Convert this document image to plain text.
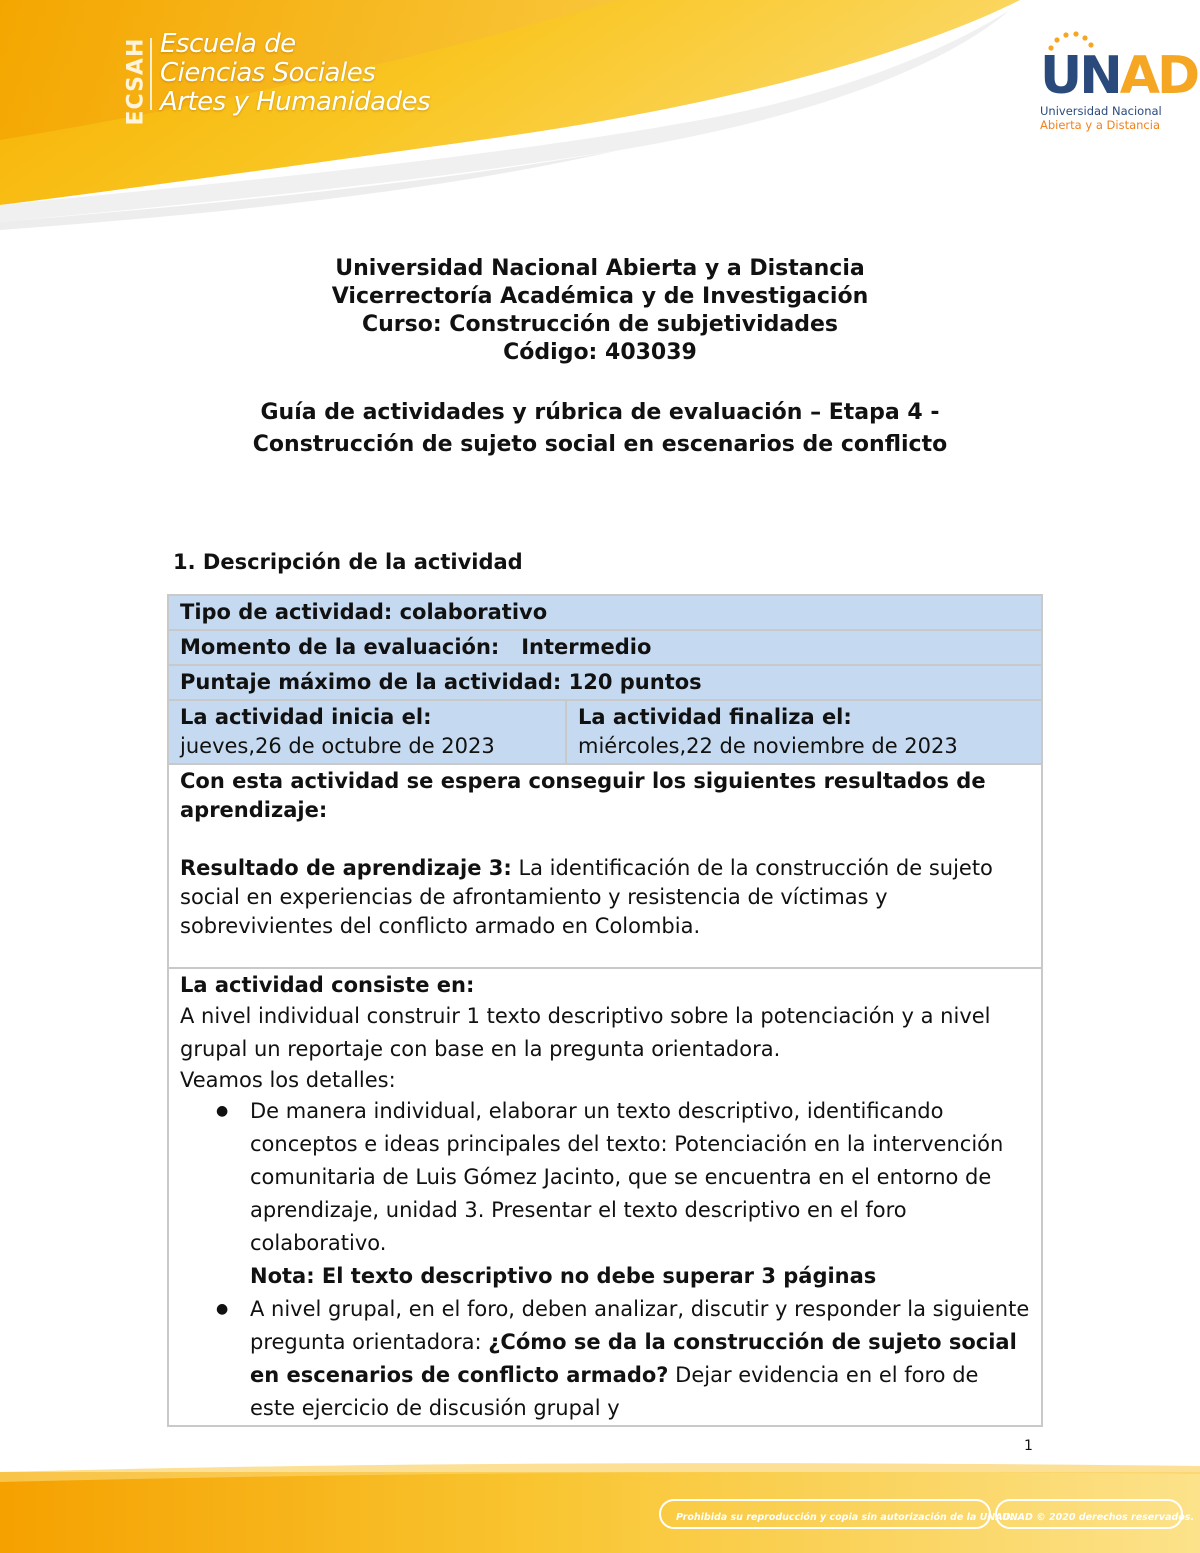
ECSAH Escuela de
Ciencias Sociales
Artes y Humanidades	UNAD
Universidad Nacional
Abierta y a Distancia
Universidad Nacional Abierta y a Distancia
Vicerrectoría Académica y de Investigación
Curso: Construcción de subjetividades
Código: 403039
Guía de actividades y rúbrica de evaluación – Etapa 4 -
Construcción de sujeto social en escenarios de conflicto
1. Descripción de la actividad
Tipo de actividad: colaborativo
Momento de la evaluación:   Intermedio
Puntaje máximo de la actividad: 120 puntos

La actividad inicia el:
jueves,26 de octubre de 2023

La actividad finaliza el:
miércoles,22 de noviembre de 2023

Con esta actividad se espera conseguir los siguientes resultados de aprendizaje:
Resultado de aprendizaje 3: La identificación de la construcción de sujeto social en experiencias de afrontamiento y resistencia de víctimas y sobrevivientes del conflicto armado en Colombia.

La actividad consiste en:
A nivel individual construir 1 texto descriptivo sobre la potenciación y a nivel grupal un reportaje con base en la pregunta orientadora.
Veamos los detalles:
● De manera individual, elaborar un texto descriptivo, identificando conceptos e ideas principales del texto: Potenciación en la intervención comunitaria de Luis Gómez Jacinto, que se encuentra en el entorno de aprendizaje, unidad 3. Presentar el texto descriptivo en el foro colaborativo.
Nota: El texto descriptivo no debe superar 3 páginas
● A nivel grupal, en el foro, deben analizar, discutir y responder la siguiente pregunta orientadora: ¿Cómo se da la construcción de sujeto social en escenarios de conflicto armado? Dejar evidencia en el foro de este ejercicio de discusión grupal y
1
Prohibida su reproducción y copia sin autorización de la UNAD.
UNAD © 2020 derechos reservados.
